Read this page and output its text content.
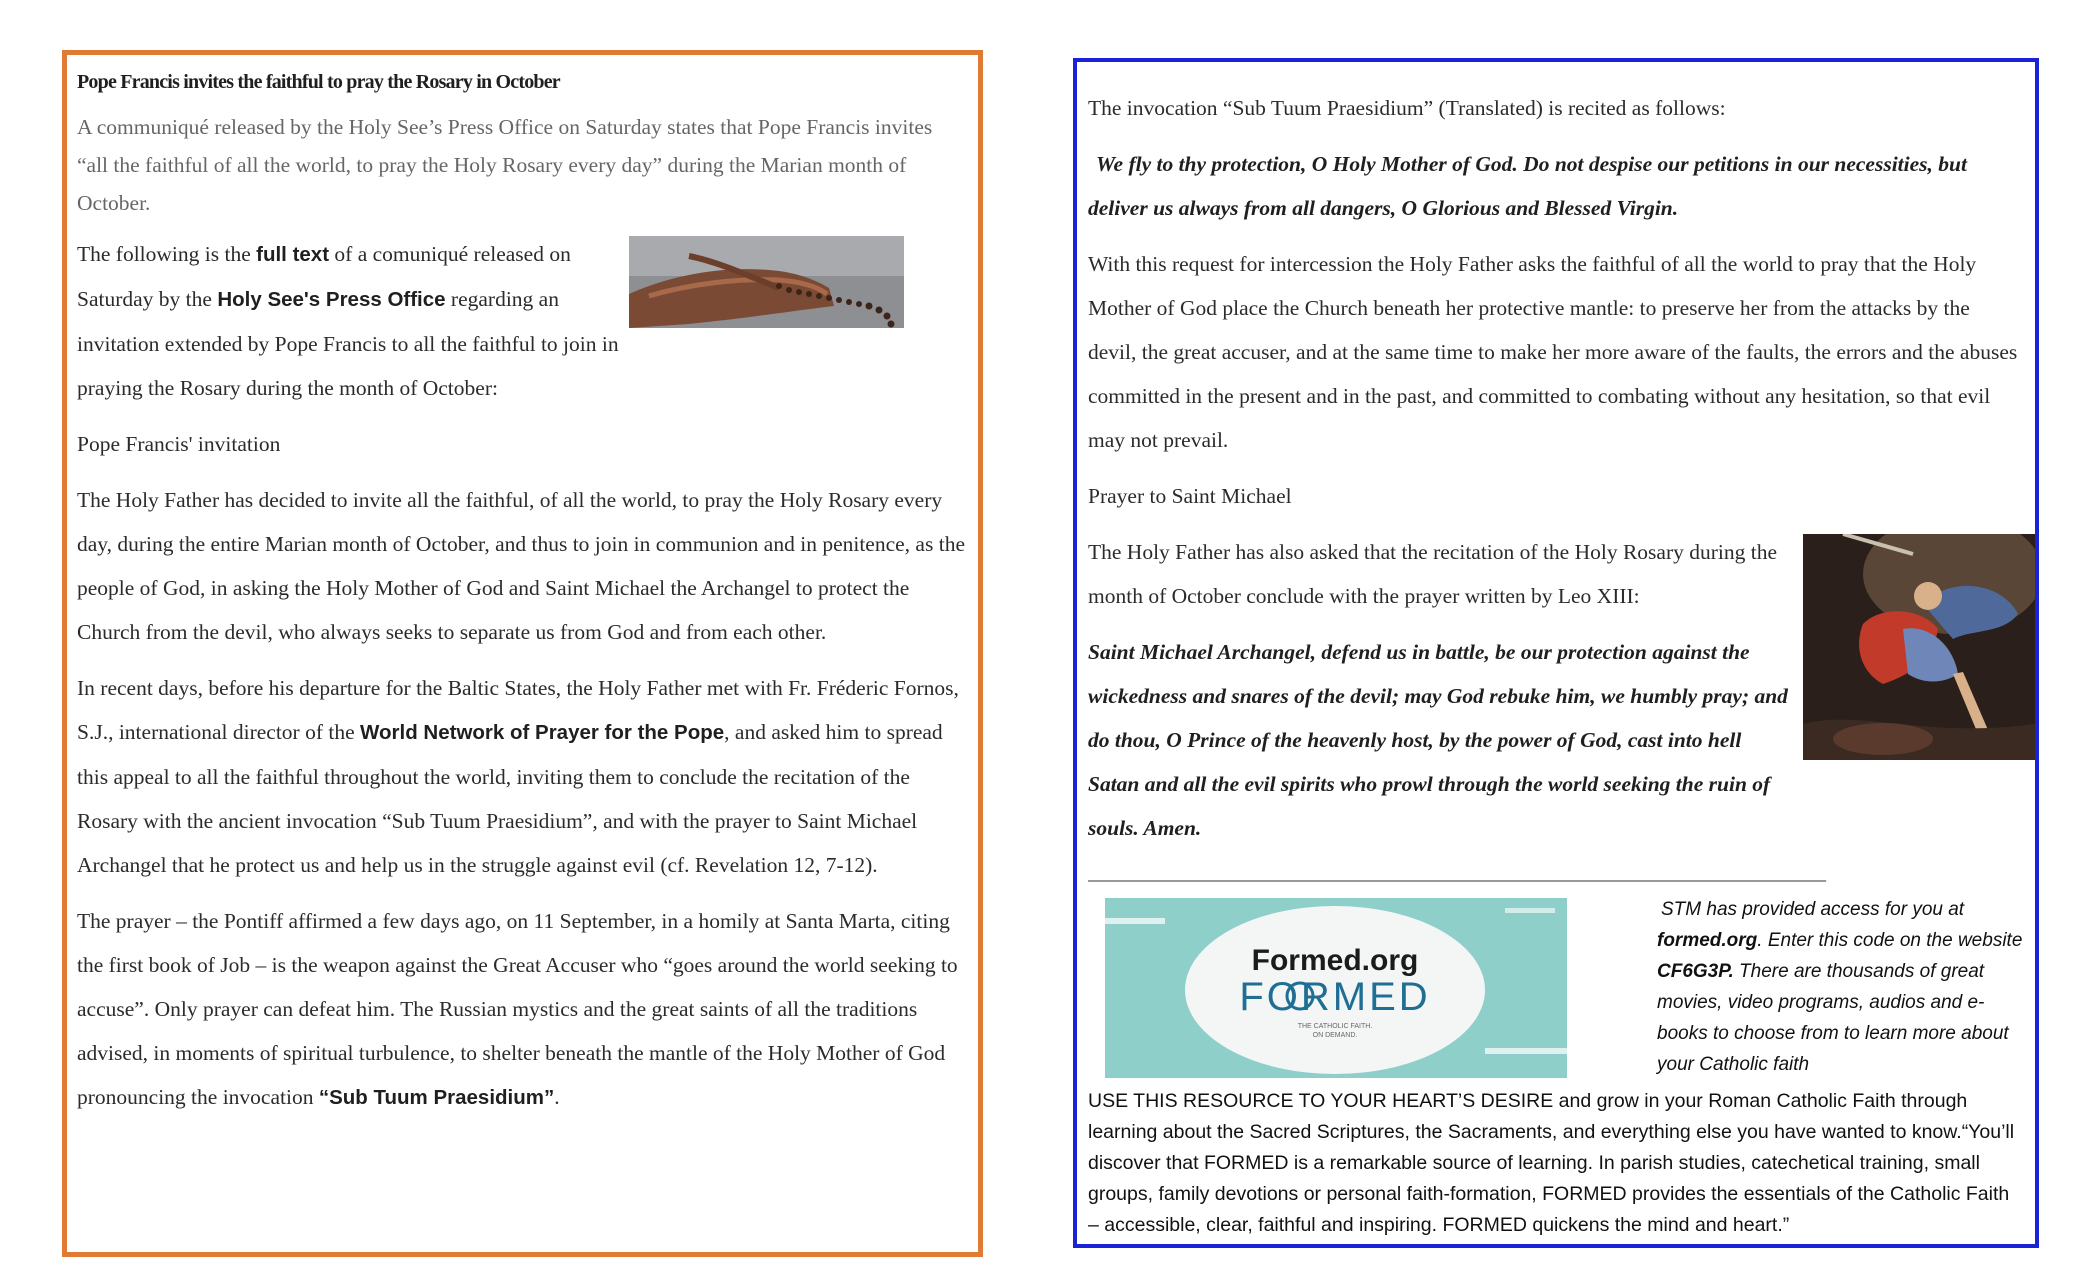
Pope Francis invites the faithful to pray the Rosary in October

A communiqué released by the Holy See’s Press Office on Saturday states that Pope Francis invites “all the faithful of all the world, to pray the Holy Rosary every day” during the Marian month of October.

The following is the full text of a comuniqué released on Saturday by the Holy See's Press Office regarding an invitation extended by Pope Francis to all the faithful to join in praying the Rosary during the month of October:

Pope Francis' invitation

The Holy Father has decided to invite all the faithful, of all the world, to pray the Holy Rosary every day, during the entire Marian month of October, and thus to join in communion and in penitence, as the people of God, in asking the Holy Mother of God and Saint Michael the Archangel to protect the Church from the devil, who always seeks to separate us from God and from each other.

In recent days, before his departure for the Baltic States, the Holy Father met with Fr. Fréderic Fornos, S.J., international director of the World Network of Prayer for the Pope, and asked him to spread this appeal to all the faithful throughout the world, inviting them to conclude the recitation of the Rosary with the ancient invocation “Sub Tuum Praesidium”, and with the prayer to Saint Michael Archangel that he protect us and help us in the struggle against evil (cf. Revelation 12, 7-12).

The prayer – the Pontiff affirmed a few days ago, on 11 September, in a homily at Santa Marta, citing the first book of Job – is the weapon against the Great Accuser who “goes around the world seeking to accuse”. Only prayer can defeat him. The Russian mystics and the great saints of all the traditions advised, in moments of spiritual turbulence, to shelter beneath the mantle of the Holy Mother of God pronouncing the invocation “Sub Tuum Praesidium”.

The invocation “Sub Tuum Praesidium” (Translated) is recited as follows:

We fly to thy protection, O Holy Mother of God. Do not despise our petitions in our necessities, but deliver us always from all dangers, O Glorious and Blessed Virgin.

With this request for intercession the Holy Father asks the faithful of all the world to pray that the Holy Mother of God place the Church beneath her protective mantle: to preserve her from the attacks by the devil, the great accuser, and at the same time to make her more aware of the faults, the errors and the abuses committed in the present and in the past, and committed to combating without any hesitation, so that evil may not prevail.

Prayer to Saint Michael

The Holy Father has also asked that the recitation of the Holy Rosary during the month of October conclude with the prayer written by Leo XIII:

Saint Michael Archangel, defend us in battle, be our protection against the wickedness and snares of the devil; may God rebuke him, we humbly pray; and do thou, O Prince of the heavenly host, by the power of God, cast into hell Satan and all the evil spirits who prowl through the world seeking the ruin of souls. Amen.

____________________________________________________________________________________________
Formed.org
FORMED
THE CATHOLIC FAITH.
ON DEMAND.
STM has provided access for you at formed.org. Enter this code on the website CF6G3P. There are thousands of great movies, video programs, audios and e-books to choose from to learn more about your Catholic faith

USE THIS RESOURCE TO YOUR HEART’S DESIRE and grow in your Roman Catholic Faith through learning about the Sacred Scriptures, the Sacraments, and everything else you have wanted to know.“You’ll discover that FORMED is a remarkable source of learning. In parish studies, catechetical training, small groups, family devotions or personal faith-formation, FORMED provides the essentials of the Catholic Faith – accessible, clear, faithful and inspiring. FORMED quickens the mind and heart.”
